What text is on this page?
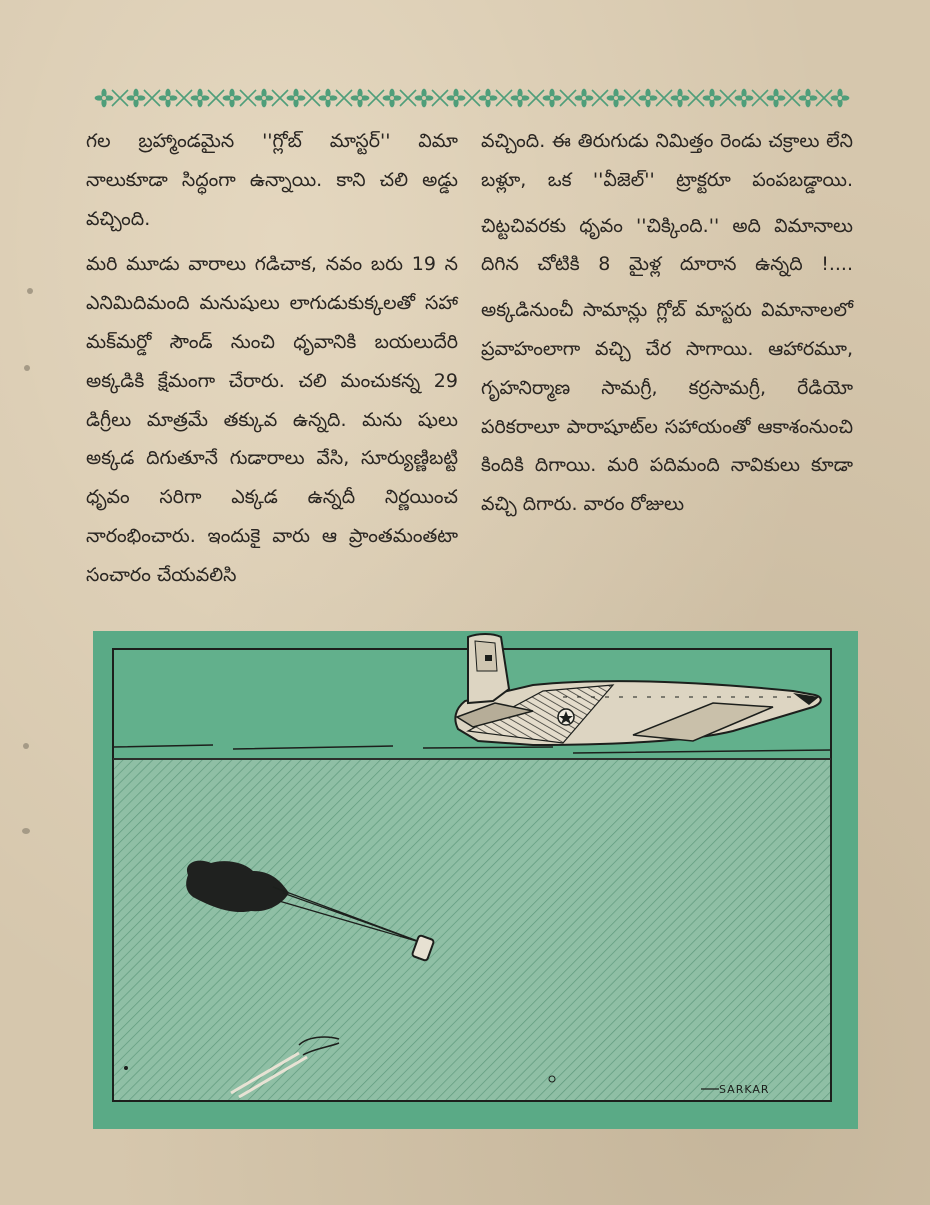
గల బ్రహ్మాండమైన ''గ్లోబ్ మాస్టర్'' విమా నాలుకూడా సిద్ధంగా ఉన్నాయి. కాని చలి అడ్డు వచ్చింది.

మరి మూడు వారాలు గడిచాక, నవం బరు 19 న ఎనిమిదిమంది మనుషులు లాగుడుకుక్కలతో సహా మక్‌మర్డో సౌండ్ నుంచి ధృవానికి బయలుదేరి అక్కడికి క్షేమంగా చేరారు. చలి మంచుకన్న 29 డిగ్రీలు మాత్రమే తక్కువ ఉన్నది. మను షులు అక్కడ దిగుతూనే గుడారాలు వేసి, సూర్యుణ్ణిబట్టి ధృవం సరిగా ఎక్కడ ఉన్నదీ నిర్ణయించ నారంభించారు. ఇందుకై వారు ఆ ప్రాంతమంతటా సంచారం చేయవలిసి

వచ్చింది. ఈ తిరుగుడు నిమిత్తం రెండు చక్రాలు లేని బళ్లూ, ఒక ''వీజెల్'' ట్రాక్టరూ పంపబడ్డాయి.

చిట్టచివరకు ధృవం ''చిక్కింది.'' అది విమానాలు దిగిన చోటికి 8 మైళ్ల దూరాన ఉన్నది !....

అక్కడినుంచీ సామాన్లు గ్లోబ్ మాస్టరు విమానాలలో ప్రవాహంలాగా వచ్చి చేర సాగాయి. ఆహారమూ, గృహనిర్మాణ సామగ్రీ, కర్రసామగ్రీ, రేడియో పరికరాలూ పారాషూట్‌ల సహాయంతో ఆకాశంనుంచి కిందికి దిగాయి. మరి పదిమంది నావికులు కూడా వచ్చి దిగారు. వారం రోజులు

SARKAR
